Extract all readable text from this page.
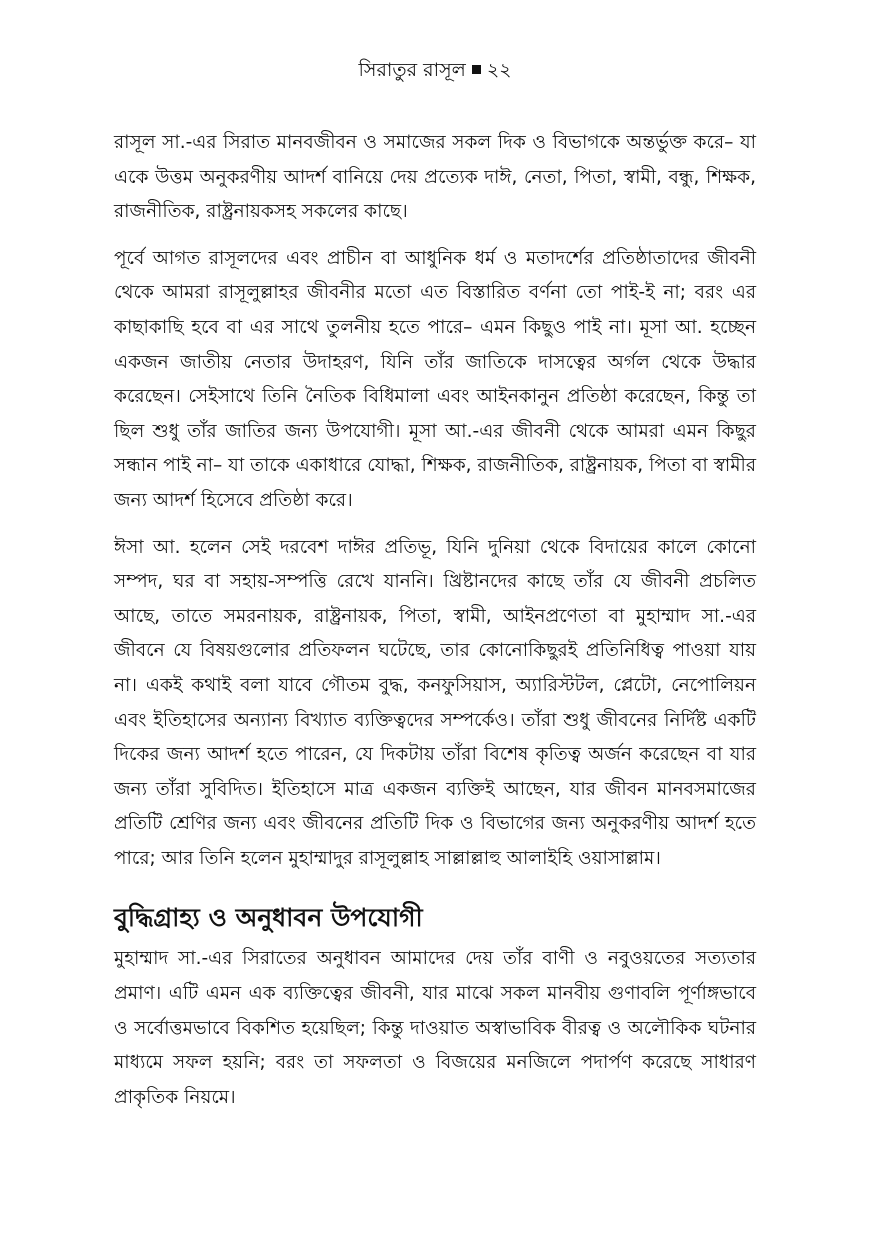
সিরাতুর রাসূল ২২

রাসূল সা.-এর সিরাত মানবজীবন ও সমাজের সকল দিক ও বিভাগকে অন্তর্ভুক্ত করে– যা একে উত্তম অনুকরণীয় আদর্শ বানিয়ে দেয় প্রত্যেক দাঈ, নেতা, পিতা, স্বামী, বন্ধু, শিক্ষক, রাজনীতিক, রাষ্ট্রনায়কসহ সকলের কাছে।

পূর্বে আগত রাসূলদের এবং প্রাচীন বা আধুনিক ধর্ম ও মতাদর্শের প্রতিষ্ঠাতাদের জীবনী থেকে আমরা রাসূলুল্লাহর জীবনীর মতো এত বিস্তারিত বর্ণনা তো পাই-ই না; বরং এর কাছাকাছি হবে বা এর সাথে তুলনীয় হতে পারে– এমন কিছুও পাই না। মূসা আ. হচ্ছেন একজন জাতীয় নেতার উদাহরণ, যিনি তাঁর জাতিকে দাসত্বের অর্গল থেকে উদ্ধার করেছেন। সেইসাথে তিনি নৈতিক বিধিমালা এবং আইনকানুন প্রতিষ্ঠা করেছেন, কিন্তু তা ছিল শুধু তাঁর জাতির জন্য উপযোগী। মূসা আ.-এর জীবনী থেকে আমরা এমন কিছুর সন্ধান পাই না– যা তাকে একাধারে যোদ্ধা, শিক্ষক, রাজনীতিক, রাষ্ট্রনায়ক, পিতা বা স্বামীর জন্য আদর্শ হিসেবে প্রতিষ্ঠা করে।

ঈসা আ. হলেন সেই দরবেশ দাঈর প্রতিভূ, যিনি দুনিয়া থেকে বিদায়ের কালে কোনো সম্পদ, ঘর বা সহায়-সম্পত্তি রেখে যাননি। খ্রিষ্টানদের কাছে তাঁর যে জীবনী প্রচলিত আছে, তাতে সমরনায়ক, রাষ্ট্রনায়ক, পিতা, স্বামী, আইনপ্রণেতা বা মুহাম্মাদ সা.-এর জীবনে যে বিষয়গুলোর প্রতিফলন ঘটেছে, তার কোনোকিছুরই প্রতিনিধিত্ব পাওয়া যায় না। একই কথাই বলা যাবে গৌতম বুদ্ধ, কনফুসিয়াস, অ্যারিস্টটল, প্লেটো, নেপোলিয়ন এবং ইতিহাসের অন্যান্য বিখ্যাত ব্যক্তিত্বদের সম্পর্কেও। তাঁরা শুধু জীবনের নির্দিষ্ট একটি দিকের জন্য আদর্শ হতে পারেন, যে দিকটায় তাঁরা বিশেষ কৃতিত্ব অর্জন করেছেন বা যার জন্য তাঁরা সুবিদিত। ইতিহাসে মাত্র একজন ব্যক্তিই আছেন, যার জীবন মানবসমাজের প্রতিটি শ্রেণির জন্য এবং জীবনের প্রতিটি দিক ও বিভাগের জন্য অনুকরণীয় আদর্শ হতে পারে; আর তিনি হলেন মুহাম্মাদুর রাসূলুল্লাহ সাল্লাল্লাহু আলাইহি ওয়াসাল্লাম।

বুদ্ধিগ্রাহ্য ও অনুধাবন উপযোগী

মুহাম্মাদ সা.-এর সিরাতের অনুধাবন আমাদের দেয় তাঁর বাণী ও নবুওয়তের সত্যতার প্রমাণ। এটি এমন এক ব্যক্তিত্বের জীবনী, যার মাঝে সকল মানবীয় গুণাবলি পূর্ণাঙ্গভাবে ও সর্বোত্তমভাবে বিকশিত হয়েছিল; কিন্তু দাওয়াত অস্বাভাবিক বীরত্ব ও অলৌকিক ঘটনার মাধ্যমে সফল হয়নি; বরং তা সফলতা ও বিজয়ের মনজিলে পদার্পণ করেছে সাধারণ প্রাকৃতিক নিয়মে।
